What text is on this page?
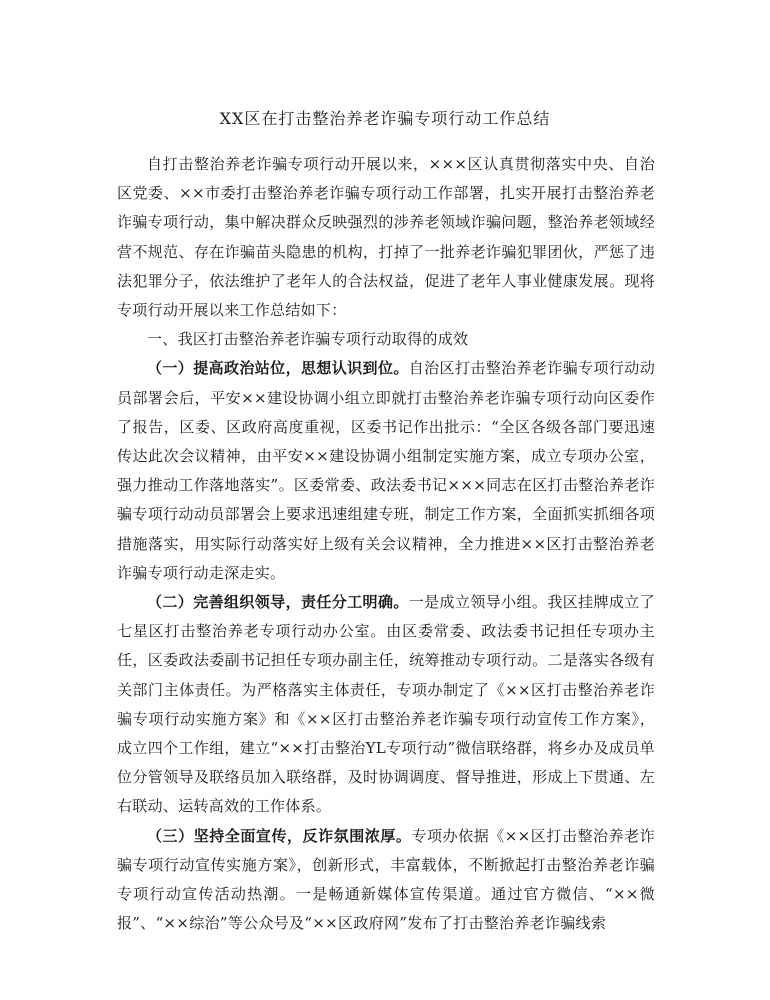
XX区在打击整治养老诈骗专项行动工作总结

自打击整治养老诈骗专项行动开展以来，×××区认真贯彻落实中央、自治区党委、××市委打击整治养老诈骗专项行动工作部署，扎实开展打击整治养老诈骗专项行动，集中解决群众反映强烈的涉养老领域诈骗问题，整治养老领域经营不规范、存在诈骗苗头隐患的机构，打掉了一批养老诈骗犯罪团伙，严惩了违法犯罪分子，依法维护了老年人的合法权益，促进了老年人事业健康发展。现将专项行动开展以来工作总结如下：

一、我区打击整治养老诈骗专项行动取得的成效

（一）提高政治站位，思想认识到位。自治区打击整治养老诈骗专项行动动员部署会后，平安××建设协调小组立即就打击整治养老诈骗专项行动向区委作了报告，区委、区政府高度重视，区委书记作出批示：“全区各级各部门要迅速传达此次会议精神，由平安××建设协调小组制定实施方案，成立专项办公室，强力推动工作落地落实”。区委常委、政法委书记×××同志在区打击整治养老诈骗专项行动动员部署会上要求迅速组建专班，制定工作方案，全面抓实抓细各项措施落实，用实际行动落实好上级有关会议精神，全力推进××区打击整治养老诈骗专项行动走深走实。

（二）完善组织领导，责任分工明确。一是成立领导小组。我区挂牌成立了七星区打击整治养老专项行动办公室。由区委常委、政法委书记担任专项办主任，区委政法委副书记担任专项办副主任，统筹推动专项行动。二是落实各级有关部门主体责任。为严格落实主体责任，专项办制定了《××区打击整治养老诈骗专项行动实施方案》和《××区打击整治养老诈骗专项行动宣传工作方案》，成立四个工作组，建立“××打击整治YL专项行动”微信联络群，将乡办及成员单位分管领导及联络员加入联络群，及时协调调度、督导推进，形成上下贯通、左右联动、运转高效的工作体系。

（三）坚持全面宣传，反诈氛围浓厚。专项办依据《××区打击整治养老诈骗专项行动宣传实施方案》，创新形式，丰富载体，不断掀起打击整治养老诈骗专项行动宣传活动热潮。一是畅通新媒体宣传渠道。通过官方微信、“××微报”、“××综治”等公众号及“××区政府网”发布了打击整治养老诈骗线索
